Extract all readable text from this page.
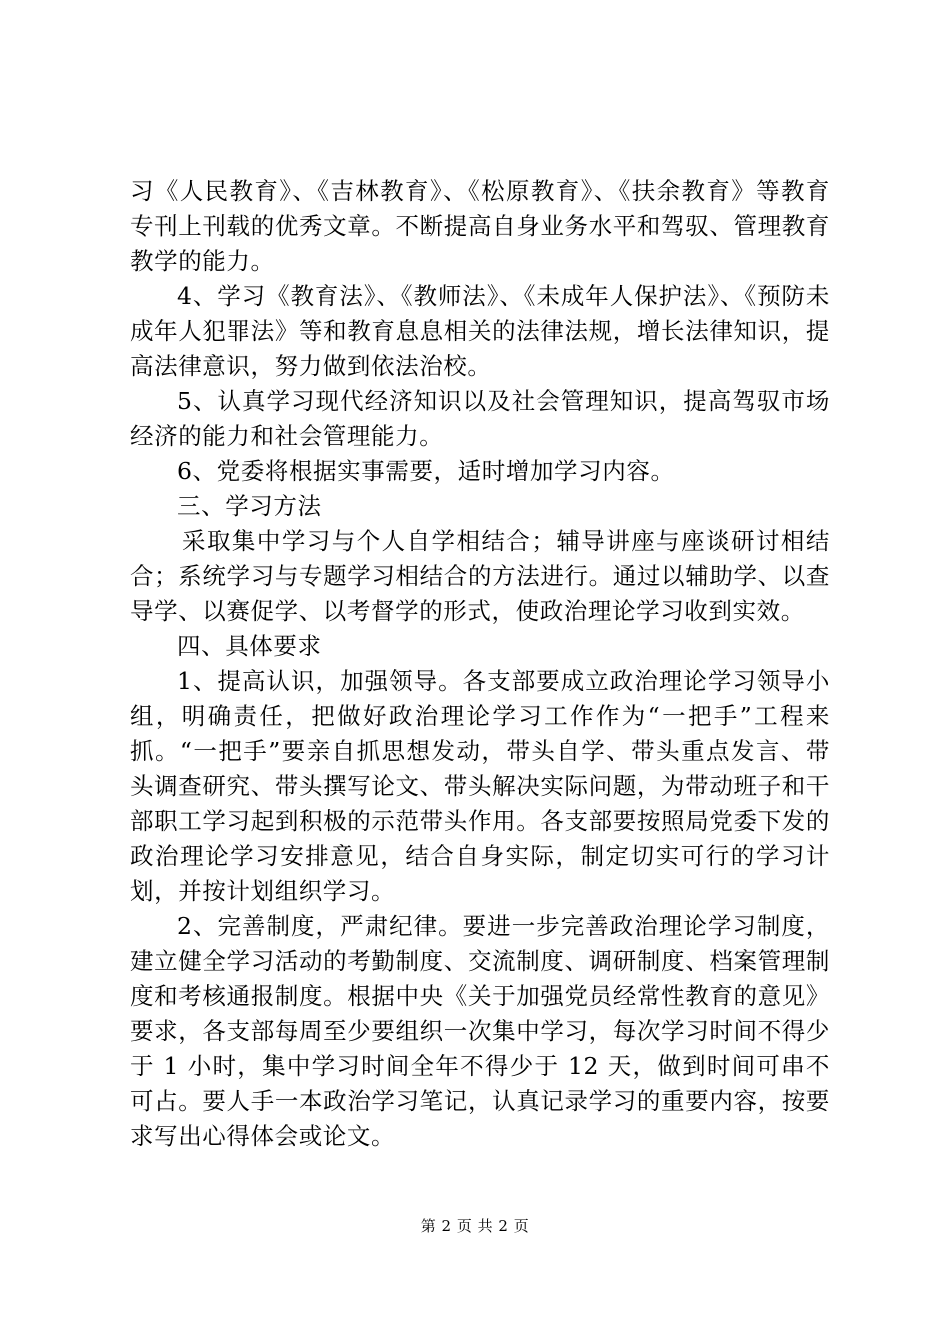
习《人民教育》、《吉林教育》、《松原教育》、《扶余教育》等教育专刊上刊载的优秀文章。不断提高自身业务水平和驾驭、管理教育教学的能力。

4、学习《教育法》、《教师法》、《未成年人保护法》、《预防未成年人犯罪法》等和教育息息相关的法律法规，增长法律知识，提高法律意识，努力做到依法治校。

5、认真学习现代经济知识以及社会管理知识，提高驾驭市场经济的能力和社会管理能力。

6、党委将根据实事需要，适时增加学习内容。

三、学习方法

采取集中学习与个人自学相结合；辅导讲座与座谈研讨相结合；系统学习与专题学习相结合的方法进行。通过以辅助学、以查导学、以赛促学、以考督学的形式，使政治理论学习收到实效。

四、具体要求

1、提高认识，加强领导。各支部要成立政治理论学习领导小组，明确责任，把做好政治理论学习工作作为“一把手”工程来抓。“一把手”要亲自抓思想发动，带头自学、带头重点发言、带头调查研究、带头撰写论文、带头解决实际问题，为带动班子和干部职工学习起到积极的示范带头作用。各支部要按照局党委下发的政治理论学习安排意见，结合自身实际，制定切实可行的学习计划，并按计划组织学习。

2、完善制度，严肃纪律。要进一步完善政治理论学习制度，建立健全学习活动的考勤制度、交流制度、调研制度、档案管理制度和考核通报制度。根据中央《关于加强党员经常性教育的意见》要求，各支部每周至少要组织一次集中学习，每次学习时间不得少于 1 小时，集中学习时间全年不得少于 12 天，做到时间可串不可占。要人手一本政治学习笔记，认真记录学习的重要内容，按要求写出心得体会或论文。

第 2 页 共 2 页
